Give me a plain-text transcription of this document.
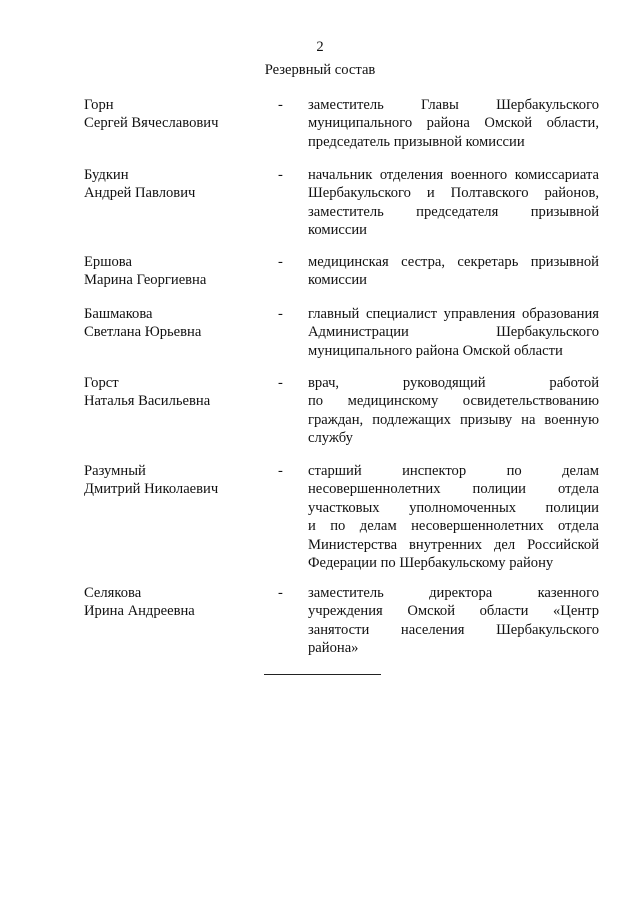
2
Резервный состав
Горн
Сергей Вячеславович
- заместитель Главы Шербакульского
муниципального района Омской области,
председатель призывной комиссии
Будкин
Андрей Павлович
- начальник отделения военного комиссариата
Шербакульского и Полтавского районов,
заместитель председателя призывной
комиссии
Ершова
Марина Георгиевна
- медицинская сестра, секретарь призывной
комиссии
Башмакова
Светлана Юрьевна
- главный специалист управления образования
Администрации Шербакульского
муниципального района Омской области
Горст
Наталья Васильевна
- врач, руководящий работой
по медицинскому освидетельствованию
граждан, подлежащих призыву на военную
службу
Разумный
Дмитрий Николаевич
- старший инспектор по делам
несовершеннолетних полиции отдела
участковых уполномоченных полиции
и по делам несовершеннолетних отдела
Министерства внутренних дел Российской
Федерации по Шербакульскому району
Селякова
Ирина Андреевна
- заместитель директора казенного
учреждения Омской области «Центр
занятости населения Шербакульского
района»
